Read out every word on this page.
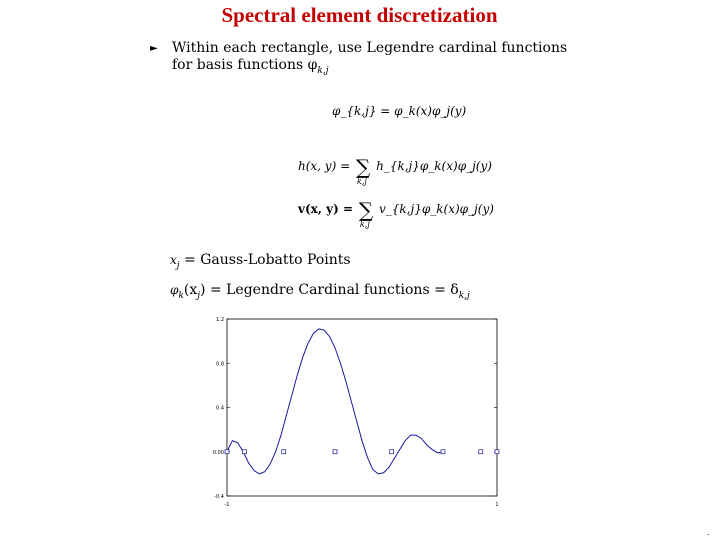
Spectral element discretization
► Within each rectangle, use Legendre cardinal functions
for basis functions $\varphi_{k,j}$
φ_{k,j} = φ_k(x)φ_j(y)
h(x, y) = ∑
k,j
h_{k,j}φ_k(x)φ_j(y)
v(x, y) = ∑
k,j
v_{k,j}φ_k(x)φ_j(y)
$x_j$ = Gauss-Lobatto Points
$\varphi_k(x_j)$ = Legendre Cardinal functions = $\delta_{k,j}$
1.2
0.8
0.4
0.00
-0.4
-1	1
.
